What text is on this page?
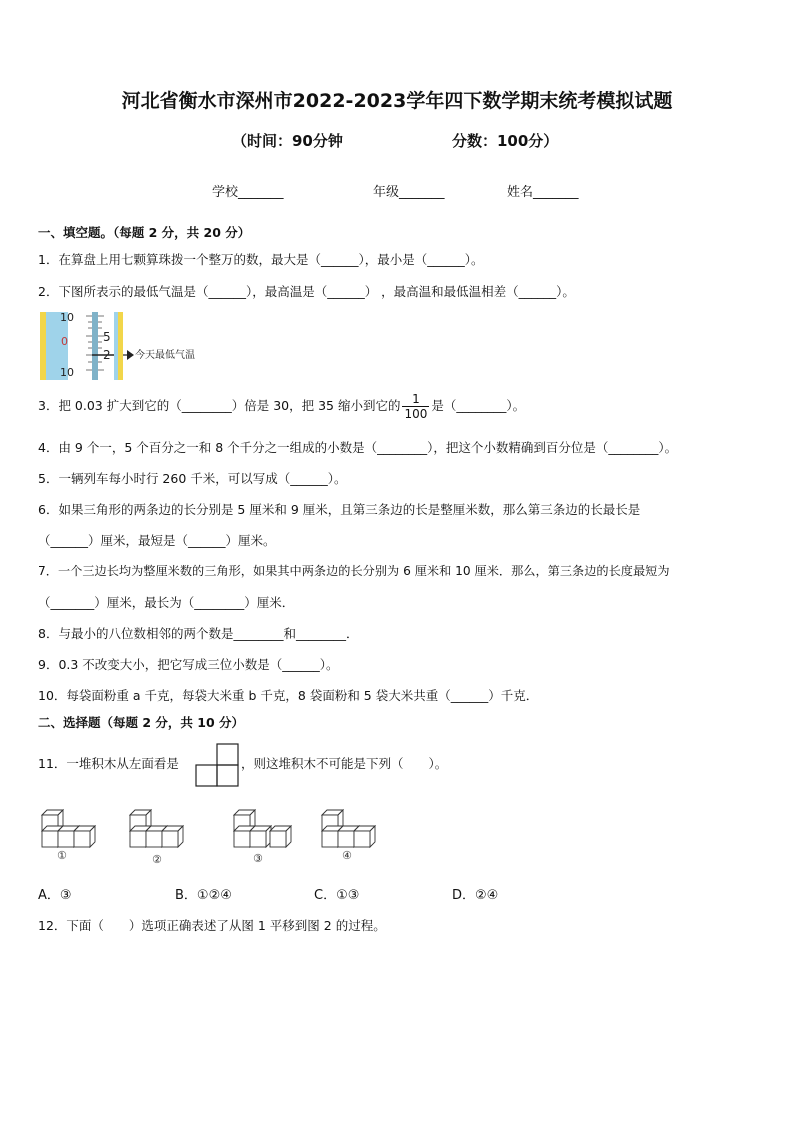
河北省衡水市深州市2022-2023学年四下数学期末统考模拟试题
（时间：90分钟	分数：100分）
学校_______	年级_______	姓名_______
一、填空题。（每题 2 分，共 20 分）
1．在算盘上用七颗算珠拨一个整万的数，最大是（______），最小是（______）。
2．下图所表示的最低气温是（______），最高温是（______） ，最高温和最低温相差（______）。
10
5
0
2
10
今天最低气温
3．把 0.03 扩大到它的（________）倍是 30，把 35 缩小到它的 $\frac{1}{100}$ 是（________）。
4．由 9 个一，5 个百分之一和 8 个千分之一组成的小数是（________），把这个小数精确到百分位是（________）。
5．一辆列车每小时行 260 千米，可以写成（______）。
6．如果三角形的两条边的长分别是 5 厘米和 9 厘米，且第三条边的长是整厘米数，那么第三条边的长最长是
（______）厘米，最短是（______）厘米。
7．一个三边长均为整厘米数的三角形，如果其中两条边的长分别为 6 厘米和 10 厘米．那么，第三条边的长度最短为
（_______）厘米，最长为（________）厘米．
8．与最小的八位数相邻的两个数是________和________．
9．0.3 不改变大小，把它写成三位小数是（______）。
10．每袋面粉重 a 千克，每袋大米重 b 千克，8 袋面粉和 5 袋大米共重（______）千克．
二、选择题（每题 2 分，共 10 分）
11．一堆积木从左面看是	，则这堆积木不可能是下列（　　）。
①	②	③	④
A．③	B．①②④	C．①③	D．②④
12．下面（　　）选项正确表述了从图 1 平移到图 2 的过程。
